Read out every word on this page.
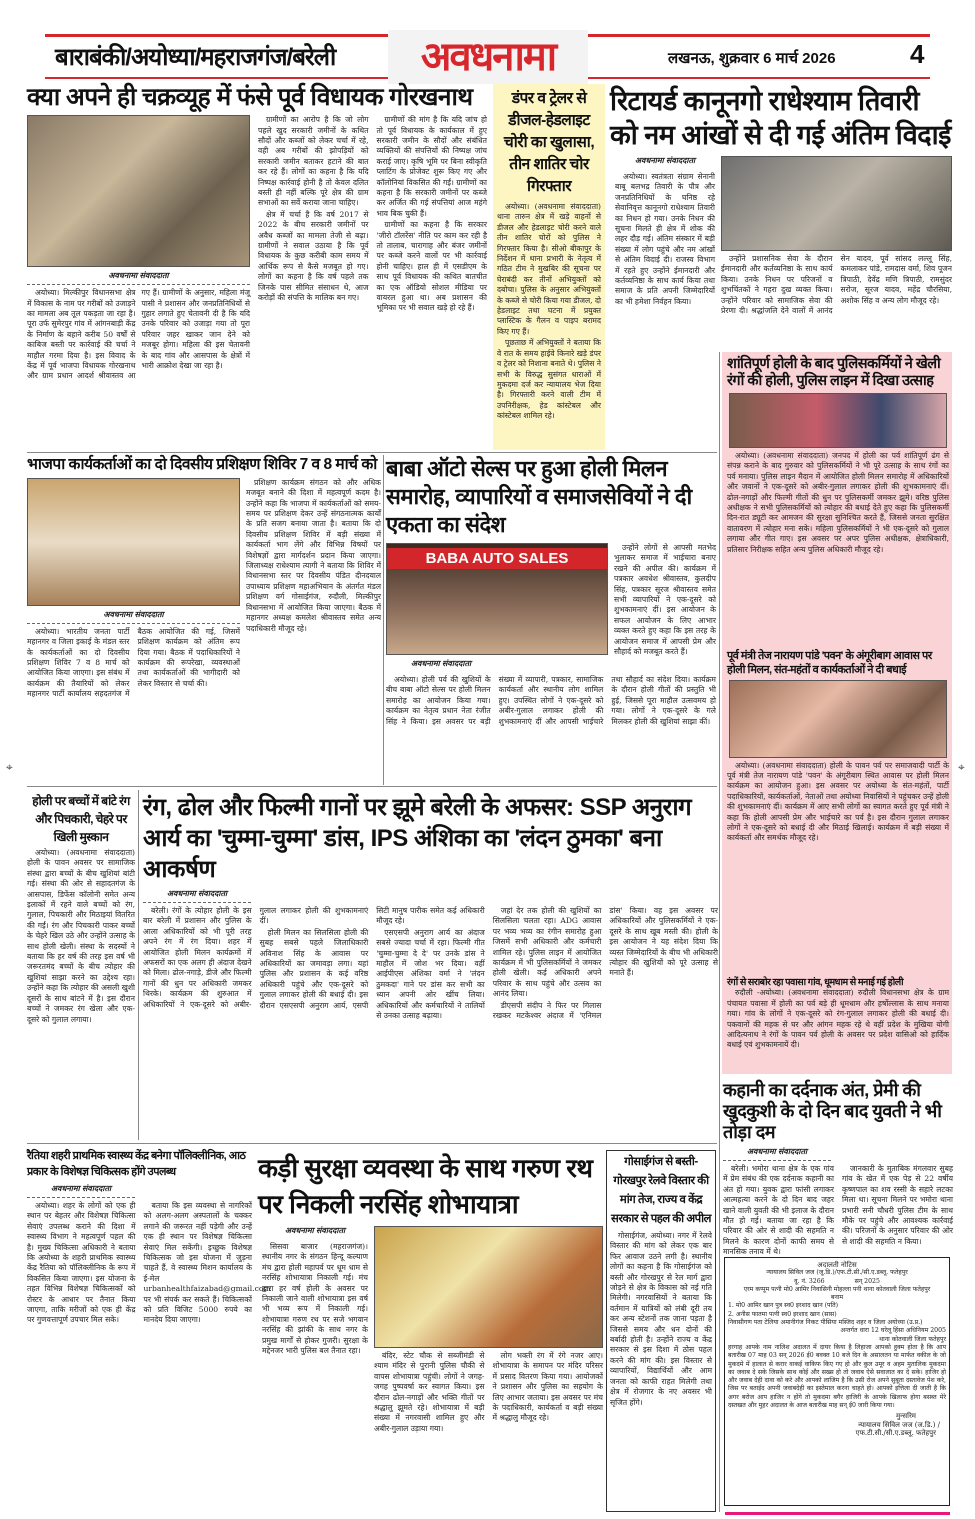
बाराबंकी/अयोध्या/महराजगंज/बरेली अवधनामा	लखनऊ, शुक्रवार 6 मार्च 2026	4
क्या अपने ही चक्रव्यूह में फंसे पूर्व विधायक गोरखनाथ
अवधनामा संवाददाता

अयोध्या। मिल्कीपुर विधानसभा क्षेत्र में विकास के नाम पर गरीबों को उजाड़ने का मामला अब तूल पकड़ता जा रहा है। पूरा उर्फ सुमेरपुर गांव में आंगनबाड़ी केंद्र के निर्माण के बहाने करीब 50 वर्षों से काबिज बस्ती पर कार्रवाई की चर्चा ने माहौल गरमा दिया है। इस विवाद के केंद्र में पूर्व भाजपा विधायक गोरखनाथ और ग्राम प्रधान आदर्श श्रीवास्तव आ गए हैं। ग्रामीणों के अनुसार, महिला मंजू पासी ने प्रशासन और जनप्रतिनिधियों से गुहार लगाते हुए चेतावनी दी है कि यदि उनके परिवार को उजाड़ा गया तो पूरा परिवार जहर खाकर जान देने को मजबूर होगा। महिला की इस चेतावनी के बाद गांव और आसपास के क्षेत्रों में भारी आक्रोश देखा जा रहा है।

ग्रामीणों का आरोप है कि जो लोग पहले खुद सरकारी जमीनों के कथित सौदों और कब्जों को लेकर चर्चा में रहे, वही अब गरीबों की झोपड़ियों को सरकारी जमीन बताकर हटाने की बात कर रहे हैं। लोगों का कहना है कि यदि निष्पक्ष कार्रवाई होनी है तो केवल दलित बस्ती ही नहीं बल्कि पूरे क्षेत्र की ग्राम सभाओं का सर्वे कराया जाना चाहिए।

क्षेत्र में चर्चा है कि वर्ष 2017 से 2022 के बीच सरकारी जमीनों पर अवैध कब्जों का मामला तेजी से बढ़ा। ग्रामीणों ने सवाल उठाया है कि पूर्व विधायक के कुछ करीबी काम समय में आर्थिक रूप से कैसे मजबूत हो गए। लोगों का कहना है कि वर्ष पहले तक जिनके पास सीमित संसाधन थे, आज करोड़ों की संपत्ति के मालिक बन गए।

ग्रामीणों की मांग है कि यदि जांच हो तो पूर्व विधायक के कार्यकाल में हुए सरकारी जमीन के सौदों और संबंधित व्यक्तियों की संपत्तियों की निष्पक्ष जांच कराई जाए। कृषि भूमि पर बिना स्वीकृति प्लाटिंग के प्रोजेक्ट शुरू किए गए और कॉलोनियां विकसित की गईं। ग्रामीणों का कहना है कि सरकारी जमीनों पर कब्जे कर अर्जित की गई संपत्तियां आज महंगे भाव बिक चुकी हैं।

ग्रामीणों का कहना है कि सरकार 'जीरो टॉलरेंस' नीति पर काम कर रही है तो तालाब, चारागाह और बंजर जमीनों पर कब्जे करने वालों पर भी कार्रवाई होनी चाहिए। हाल ही में एसडीएम के साथ पूर्व विधायक की कथित बातचीत का एक ऑडियो सोशल मीडिया पर वायरल हुआ था। अब प्रशासन की भूमिका पर भी सवाल खड़े हो रहे हैं।

डंपर व ट्रेलर से डीजल-हेडलाइट चोरी का खुलासा, तीन शातिर चोर गिरफ्तार

अयोध्या। (अवधनामा संवाददाता) थाना तारुन क्षेत्र में खड़े वाहनों से डीजल और हेडलाइट चोरी करने वाले तीन शातिर चोरों को पुलिस ने गिरफ्तार किया है। सीओ बीकापुर के निर्देशन में थाना प्रभारी के नेतृत्व में गठित टीम ने मुखबिर की सूचना पर घेराबंदी कर तीनों अभियुक्तों को दबोचा। पुलिस के अनुसार अभियुक्तों के कब्जे से चोरी किया गया डीजल, दो हेडलाइट तथा घटना में प्रयुक्त प्लास्टिक के गैलन व पाइप बरामद किए गए हैं।

पूछताछ में अभियुक्तों ने बताया कि वे रात के समय हाईवे किनारे खड़े डंपर व ट्रेलर को निशाना बनाते थे। पुलिस ने सभी के विरुद्ध सुसंगत धाराओं में मुकदमा दर्ज कर न्यायालय भेज दिया है। गिरफ्तारी करने वाली टीम में उपनिरीक्षक, हेड कांस्टेबल और कांस्टेबल शामिल रहे।

रिटायर्ड कानूनगो राधेश्याम तिवारी को नम आंखों से दी गई अंतिम विदाई
अवधनामा संवाददाता

अयोध्या। स्वतंत्रता संग्राम सेनानी बाबू बलभद्र तिवारी के पौत्र और जनप्रतिनिधियों के घनिष्ठ रहे सेवानिवृत्त कानूनगो राधेश्याम तिवारी का निधन हो गया। उनके निधन की सूचना मिलते ही क्षेत्र में शोक की लहर दौड़ गई। अंतिम संस्कार में बड़ी संख्या में लोग पहुंचे और नम आंखों से अंतिम विदाई दी। राजस्व विभाग में रहते हुए उन्होंने ईमानदारी और कर्तव्यनिष्ठा के साथ कार्य किया तथा समाज के प्रति अपनी जिम्मेदारियों का भी हमेशा निर्वहन किया।

उन्होंने प्रशासनिक सेवा के दौरान ईमानदारी और कर्तव्यनिष्ठा के साथ कार्य किया। उनके निधन पर परिजनों व शुभचिंतकों ने गहरा दुख व्यक्त किया। उन्होंने परिवार को सामाजिक सेवा की प्रेरणा दी। श्रद्धांजलि देने वालों में आनंद सेन यादव, पूर्व सांसद लल्लू सिंह, कमलाकर पांडे, रामदास वर्मा, शिव पूजन त्रिपाठी, देवेंद्र मणि त्रिपाठी, रामसुंदर सरोज, सूरज यादव, महेंद्र चौरसिया, अशोक सिंह व अन्य लोग मौजूद रहे।

शांतिपूर्ण होली के बाद पुलिसकर्मियों ने खेली रंगों की होली, पुलिस लाइन में दिखा उत्साह

अयोध्या। (अवधनामा संवाददाता) जनपद में होली का पर्व शांतिपूर्ण ढंग से संपन्न कराने के बाद गुरुवार को पुलिसकर्मियों ने भी पूरे उत्साह के साथ रंगों का पर्व मनाया। पुलिस लाइन मैदान में आयोजित होली मिलन समारोह में अधिकारियों और जवानों ने एक-दूसरे को अबीर-गुलाल लगाकर होली की शुभकामनाएं दीं। ढोल-नगाड़ों और फिल्मी गीतों की धुन पर पुलिसकर्मी जमकर झूमे। वरिष्ठ पुलिस अधीक्षक ने सभी पुलिसकर्मियों को त्योहार की बधाई देते हुए कहा कि पुलिसकर्मी दिन-रात ड्यूटी कर आमजन की सुरक्षा सुनिश्चित करते हैं, जिससे जनता सुरक्षित वातावरण में त्योहार मना सके। महिला पुलिसकर्मियों ने भी एक-दूसरे को गुलाल लगाया और गीत गाए। इस अवसर पर अपर पुलिस अधीक्षक, क्षेत्राधिकारी, प्रतिसार निरीक्षक सहित अन्य पुलिस अधिकारी मौजूद रहे।

पूर्व मंत्री तेज नारायण पांडे 'पवन' के अंगूरीबाग आवास पर होली मिलन, संत-महंतों व कार्यकर्ताओं ने दी बधाई

अयोध्या। (अवधनामा संवाददाता) होली के पावन पर्व पर समाजवादी पार्टी के पूर्व मंत्री तेज नारायण पांडे 'पवन' के अंगूरीबाग स्थित आवास पर होली मिलन कार्यक्रम का आयोजन हुआ। इस अवसर पर अयोध्या के संत-महंतों, पार्टी पदाधिकारियों, कार्यकर्ताओं, नेताओं तथा अयोध्या निवासियों ने पहुंचकर उन्हें होली की शुभकामनाएं दीं। कार्यक्रम में आए सभी लोगों का स्वागत करते हुए पूर्व मंत्री ने कहा कि होली आपसी प्रेम और भाईचारे का पर्व है। इस दौरान गुलाल लगाकर लोगों ने एक-दूसरे को बधाई दी और मिठाई खिलाई। कार्यक्रम में बड़ी संख्या में कार्यकर्ता और समर्थक मौजूद रहे।

रंगों से सराबोर रहा पवासा गांव, धूमधाम से मनाई गई होली

रुदौली -अयोध्या। (अवधनामा संवाददाता) रुदौली विधानसभा क्षेत्र के ग्राम पंचायत पवासा में होली का पर्व बड़े ही धूमधाम और हर्षोल्लास के साथ मनाया गया। गांव के लोगों ने एक-दूसरे को रंग-गुलाल लगाकर होली की बधाई दी। पकवानों की महक से घर और आंगन महक रहे थे वहीं प्रदेश के मुखिया योगी आदित्यनाथ ने रंगों के पावन पर्व होली के अवसर पर प्रदेश वासिओ को हार्दिक बधाई एवं शुभकामनायें दी।

भाजपा कार्यकर्ताओं का दो दिवसीय प्रशिक्षण शिविर 7 व 8 मार्च को
अवधनामा संवाददाता

अयोध्या। भारतीय जनता पार्टी महानगर व जिला इकाई के मंडल स्तर के कार्यकर्ताओं का दो दिवसीय प्रशिक्षण शिविर 7 व 8 मार्च को आयोजित किया जाएगा। इस संबंध में कार्यक्रम की तैयारियों को लेकर महानगर पार्टी कार्यालय सहदतगंज में बैठक आयोजित की गई, जिसमें प्रशिक्षण कार्यक्रम को अंतिम रूप दिया गया। बैठक में पदाधिकारियों ने कार्यक्रम की रूपरेखा, व्यवस्थाओं तथा कार्यकर्ताओं की भागीदारी को लेकर विस्तार से चर्चा की।

प्रशिक्षण कार्यक्रम संगठन को और अधिक मजबूत बनाने की दिशा में महत्वपूर्ण कदम है। उन्होंने कहा कि भाजपा में कार्यकर्ताओं को समय-समय पर प्रशिक्षण देकर उन्हें संगठनात्मक कार्यों के प्रति सजग बनाया जाता है। बताया कि दो दिवसीय प्रशिक्षण शिविर में बड़ी संख्या में कार्यकर्ता भाग लेंगे और विभिन्न विषयों पर विशेषज्ञों द्वारा मार्गदर्शन प्रदान किया जाएगा। जिलाध्यक्ष राधेश्याम त्यागी ने बताया कि शिविर में विधानसभा स्तर पर दिवसीय पंडित दीनदयाल उपाध्याय प्रशिक्षण महाअभियान के अंतर्गत मंडल प्रशिक्षण वर्ग गोसाईगंज, रुदौली, मिल्कीपुर विधानसभा में आयोजित किया जाएगा। बैठक में महानगर अध्यक्ष कमलेश श्रीवास्तव समेत अन्य पदाधिकारी मौजूद रहे।

बाबा ऑटो सेल्स पर हुआ होली मिलन समारोह, व्यापारियों व समाजसेवियों ने दी एकता का संदेश
BABA AUTO SALES

उन्होंने लोगों से आपसी मतभेद भुलाकर समाज में भाईचारा बनाए रखने की अपील की। कार्यक्रम में पत्रकार अवधेश श्रीवास्तव, कुलदीप सिंह, पत्रकार सूरज श्रीवास्तव समेत सभी व्यापारियों ने एक-दूसरे को शुभकामनाएं दीं। इस आयोजन के सफल आयोजन के लिए आभार व्यक्त करते हुए कहा कि इस तरह के आयोजन समाज में आपसी प्रेम और सौहार्द को मजबूत करते हैं।

अवधनामा संवाददाता

अयोध्या। होली पर्व की खुशियों के बीच बाबा ऑटो सेल्स पर होली मिलन समारोह का आयोजन किया गया। कार्यक्रम का नेतृत्व प्रधान नेता रंजीत सिंह ने किया। इस अवसर पर बड़ी संख्या में व्यापारी, पत्रकार, सामाजिक कार्यकर्ता और स्थानीय लोग शामिल हुए। उपस्थित लोगों ने एक-दूसरे को अबीर-गुलाल लगाकर होली की शुभकामनाएं दीं और आपसी भाईचारे तथा सौहार्द का संदेश दिया। कार्यक्रम के दौरान होली गीतों की प्रस्तुति भी हुई, जिससे पूरा माहौल उत्सवमय हो गया। लोगों ने एक-दूसरे के गले मिलकर होली की खुशियां साझा कीं।

होली पर बच्चों में बांटे रंग और पिचकारी, चेहरे पर खिली मुस्कान

अयोध्या। (अवधनामा संवाददाता) होली के पावन अवसर पर सामाजिक संस्था द्वारा बच्चों के बीच खुशियां बांटी गई। संस्था की ओर से सहादतगंज के आसपास, डिफेंस कॉलोनी समेत अन्य इलाकों में रहने वाले बच्चों को रंग, गुलाल, पिचकारी और मिठाइयां वितरित की गईं। रंग और पिचकारी पाकर बच्चों के चेहरे खिल उठे और उन्होंने उत्साह के साथ होली खेली। संस्था के सदस्यों ने बताया कि हर वर्ष की तरह इस वर्ष भी जरूरतमंद बच्चों के बीच त्योहार की खुशियां साझा करने का उद्देश्य रहा। उन्होंने कहा कि त्योहार की असली खुशी दूसरों के साथ बांटने में है। इस दौरान बच्चों ने जमकर रंग खेला और एक-दूसरे को गुलाल लगाया।

रंग, ढोल और फिल्मी गानों पर झूमे बरेली के अफसर: SSP अनुराग आर्य का 'चुम्मा-चुम्मा' डांस, IPS अंशिका का 'लंदन ठुमका' बना आकर्षण
अवधनामा संवाददाता

बरेली। रंगों के त्योहार होली के इस बार बरेली में प्रशासन और पुलिस के आला अधिकारियों को भी पूरी तरह अपने रंग में रंग दिया। शहर में आयोजित होली मिलन कार्यक्रमों में अफसरों का एक अलग ही अंदाज देखने को मिला। ढोल-नगाड़े, डीजे और फिल्मी गानों की धुन पर अधिकारी जमकर थिरके। कार्यक्रम की शुरुआत में अधिकारियों ने एक-दूसरे को अबीर-गुलाल लगाकर होली की शुभकामनाएं दीं।

होली मिलन का सिलसिला होली की सुबह सबसे पहले जिलाधिकारी अविनाश सिंह के आवास पर अधिकारियों का जमावड़ा लगा। यहां पुलिस और प्रशासन के कई वरिष्ठ अधिकारी पहुंचे और एक-दूसरे को गुलाल लगाकर होली की बधाई दी। इस दौरान एसएसपी अनुराग आर्य, एसपी सिटी मानुष पारीक समेत कई अधिकारी मौजूद रहे।

एसएसपी अनुराग आर्य का अंदाज सबसे ज्यादा चर्चा में रहा। फिल्मी गीत 'चुम्मा-चुम्मा दे दे' पर उनके डांस ने माहौल में जोश भर दिया। वहीं आईपीएस अंशिका वर्मा ने 'लंदन ठुमकदा' गाने पर डांस कर सभी का ध्यान अपनी ओर खींच लिया। अधिकारियों और कर्मचारियों ने तालियों से उनका उत्साह बढ़ाया।

जहां देर तक होली की खुशियों का सिलसिला चलता रहा। ADG आवास पर भव्य भव्य का रंगीन समारोह हुआ जिसमें सभी अधिकारी और कर्मचारी शामिल रहे। पुलिस लाइन में आयोजित कार्यक्रम में भी पुलिसकर्मियों ने जमकर होली खेली। कई अधिकारी अपने परिवार के साथ पहुंचे और उत्सव का आनंद लिया।

डीएसपी संदीप ने फिर पर गिलास रखकर मटकेश्वर अंदाज में 'एनिमल डांस' किया। वह इस अवसर पर अधिकारियों और पुलिसकर्मियों ने एक-दूसरे के साथ खूब मस्ती की। होली के इस आयोजन ने यह संदेश दिया कि व्यस्त जिम्मेदारियों के बीच भी अधिकारी त्योहार की खुशियों को पूरे उत्साह से मनाते हैं।

रैतिया शहरी प्राथमिक स्वास्थ्य केंद्र बनेगा पॉलिक्लीनिक, आठ प्रकार के विशेषज्ञ चिकित्सक होंगे उपलब्ध
अवधनामा संवाददाता

अयोध्या। शहर के लोगों को एक ही स्थान पर बेहतर और विशेषज्ञ चिकित्सा सेवाएं उपलब्ध कराने की दिशा में स्वास्थ्य विभाग ने महत्वपूर्ण पहल की है। मुख्य चिकित्सा अधिकारी ने बताया कि अयोध्या के शहरी प्राथमिक स्वास्थ्य केंद्र रैतिया को पॉलिक्लीनिक के रूप में विकसित किया जाएगा। इस योजना के तहत विभिन्न विशेषज्ञ चिकित्सकों को रोस्टर के आधार पर तैनात किया जाएगा, ताकि मरीजों को एक ही केंद्र पर गुणवत्तापूर्ण उपचार मिल सके।

बताया कि इस व्यवस्था से नागरिकों को अलग-अलग अस्पतालों के चक्कर लगाने की जरूरत नहीं पड़ेगी और उन्हें एक ही स्थान पर विशेषज्ञ चिकित्सा सेवाएं मिल सकेंगी। इच्छुक विशेषज्ञ चिकित्सक जो इस योजना में जुड़ना चाहते हैं, वे स्वास्थ्य मिशन कार्यालय के ई-मेल urbanhealthfaizabad@gmail.com पर भी संपर्क कर सकते हैं। चिकित्सकों को प्रति विजिट 5000 रुपये का मानदेय दिया जाएगा।

कड़ी सुरक्षा व्यवस्था के साथ गरुण रथ पर निकली नरसिंह शोभायात्रा
अवधनामा संवाददाता

सिसवा बाजार (महराजगंज)। स्थानीय नगर के संगठन हिन्दू कल्याण मंच द्वारा होली महापर्व पर धूम धाम से नरसिंह शोभायात्रा निकाली गई। मंच द्वारा हर वर्ष होली के अवसर पर निकाली जाने वाली शोभायात्रा इस वर्ष भी भव्य रूप में निकाली गई। शोभायात्रा गरुण रथ पर सजे भगवान नरसिंह की झांकी के साथ नगर के प्रमुख मार्गों से होकर गुजरी। सुरक्षा के मद्देनजर भारी पुलिस बल तैनात रहा।

बंदिर, स्टेट चौक से सब्जीमंडी से श्याम मंदिर से पुरानी पुलिस चौकी से वापस शोभायात्रा पहुंची। लोगों ने जगह-जगह पुष्पवर्षा कर स्वागत किया। इस दौरान ढोल-नगाड़ों और भक्ति गीतों पर श्रद्धालु झूमते रहे। शोभायात्रा में बड़ी संख्या में नगरवासी शामिल हुए और अबीर-गुलाल उड़ाया गया।

लोग भक्ती रंग में रंगे नजर आए। शोभायात्रा के समापन पर मंदिर परिसर में प्रसाद वितरण किया गया। आयोजकों ने प्रशासन और पुलिस का सहयोग के लिए आभार जताया। इस अवसर पर मंच के पदाधिकारी, कार्यकर्ता व बड़ी संख्या में श्रद्धालु मौजूद रहे।

गोसाईगंज से बस्ती-गोरखपुर रेलवे विस्तार की मांग तेज, राज्य व केंद्र सरकार से पहल की अपील

गोसाईगंज, अयोध्या। नगर में रेलवे विस्तार की मांग को लेकर एक बार फिर आवाज उठने लगी है। स्थानीय लोगों का कहना है कि गोसाईगंज को बस्ती और गोरखपुर से रेल मार्ग द्वारा जोड़ने से क्षेत्र के विकास को नई गति मिलेगी। नगरवासियों ने बताया कि वर्तमान में यात्रियों को लंबी दूरी तय कर अन्य स्टेशनों तक जाना पड़ता है जिससे समय और धन दोनों की बर्बादी होती है। उन्होंने राज्य व केंद्र सरकार से इस दिशा में ठोस पहल करने की मांग की। इस विस्तार से व्यापारियों, विद्यार्थियों और आम जनता को काफी राहत मिलेगी तथा क्षेत्र में रोजगार के नए अवसर भी सृजित होंगे।

कहानी का दर्दनाक अंत, प्रेमी की खुदकुशी के दो दिन बाद युवती ने भी तोड़ा दम
अवधनामा संवाददाता

बरेली। भमोरा थाना क्षेत्र के एक गांव में प्रेम संबंध की एक दर्दनाक कहानी का अंत हो गया। युवक द्वारा फांसी लगाकर आत्महत्या करने के दो दिन बाद जहर खाने वाली युवती की भी इलाज के दौरान मौत हो गई। बताया जा रहा है कि परिवार की ओर से शादी की सहमति न मिलने के कारण दोनों काफी समय से मानसिक तनाव में थे।

जानकारी के मुताबिक मंगलवार सुबह गांव के खेत में एक पेड़ से 22 वर्षीय कृष्णपाल का शव रस्सी के सहारे लटका मिला था। सूचना मिलने पर भमोरा थाना प्रभारी सनी चौधरी पुलिस टीम के साथ मौके पर पहुंचे और आवश्यक कार्रवाई की। परिजनों के अनुसार परिवार की ओर से शादी की सहमति न किया।

अदालती नोटिस
न्यायालय सिविल जज (जू.डि.)/एफ.टी.सी./सी.ए.डब्लू. फतेहपुर
वू. नं. 3266	सन् 2025
एरम कप्पूम पत्नी मो0 आमिर निवासिनी मोहल्ला पनी थाना कोतवाली जिला फतेहपुर
बनाम
1. मो0 आमिर खान पुत्र स्व0 इरशाद खान (पति)
2. अनीस फातमा पत्नी स्व0 इरशाद खान (सास)
निवासीगण पता टेलिया अमानीगंज निकट पीसिया मस्जिद शहर व जिला अयोध्या (उ.प्र.)
अन्तर्गत धारा 12 घरेलू हिंसा अधिनियम 2005
थाना कोतवाली जिला फतेहपुर
हरगाह आपके नाम नालिश अदालत में दायर किया है लिहाजा आपको हुक्म होता है कि आप बतारीख 07 माह 03 सन् 2026 ई0 बवक्त 10 बजे दिन के असालतन या मार्फत वकील के जो मुकदमे में हालात से करार वाकई वाकिफ किए गए हो और कुल उमूर व अहम मुतालिक मुकदमा का जवाब दे सके जिसके साथ कोई और सख्स हो तो जवाब ऐसे सवालात का दे सके। हाजिर हो और जवाब देही दावा को करे और आपको लाजिम है कि उसी रोज अपने सुबूता दस्तावेज पेश करे, जिस पर बताईद अपनी जवाबदेही का इस्तेमाल करना चाहते हो। आपको इत्तिला दी जाती है कि अगर बरोज आप हाजिर न होंगे तो मुकदमा बगैर हाजिरी के आपके खिलाफ होगा बसब्त मेरे दस्तखत और मुहर अदालत के आज बतारीख माह सन् ई0 जारी किया गया।
मुन्सरिम
न्यायालय सिविल जज (ज.डि.) /
एफ.टी.सी./सी.ए.डब्लू. फतेहपुर
⌖	⌖
